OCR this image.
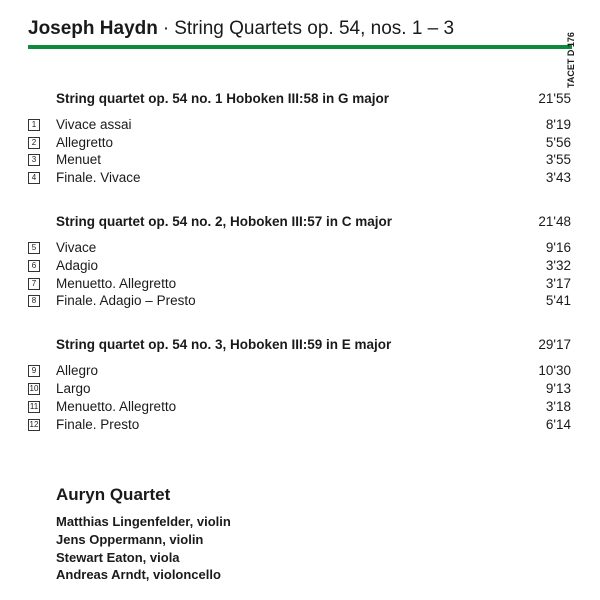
Joseph Haydn · String Quartets op. 54, nos. 1 – 3
TACET D 176
String quartet op. 54 no. 1 Hoboken III:58 in G major	21'55
1 Vivace assai	8'19
2 Allegretto	5'56
3 Menuet	3'55
4 Finale. Vivace	3'43
String quartet op. 54 no. 2, Hoboken III:57 in C major	21'48
5 Vivace	9'16
6 Adagio	3'32
7 Menuetto. Allegretto	3'17
8 Finale. Adagio – Presto	5'41
String quartet op. 54 no. 3, Hoboken III:59 in E major	29'17
9 Allegro	10'30
10 Largo	9'13
11 Menuetto. Allegretto	3'18
12 Finale. Presto	6'14
Auryn Quartet
Matthias Lingenfelder, violin
Jens Oppermann, violin
Stewart Eaton, viola
Andreas Arndt, violoncello
